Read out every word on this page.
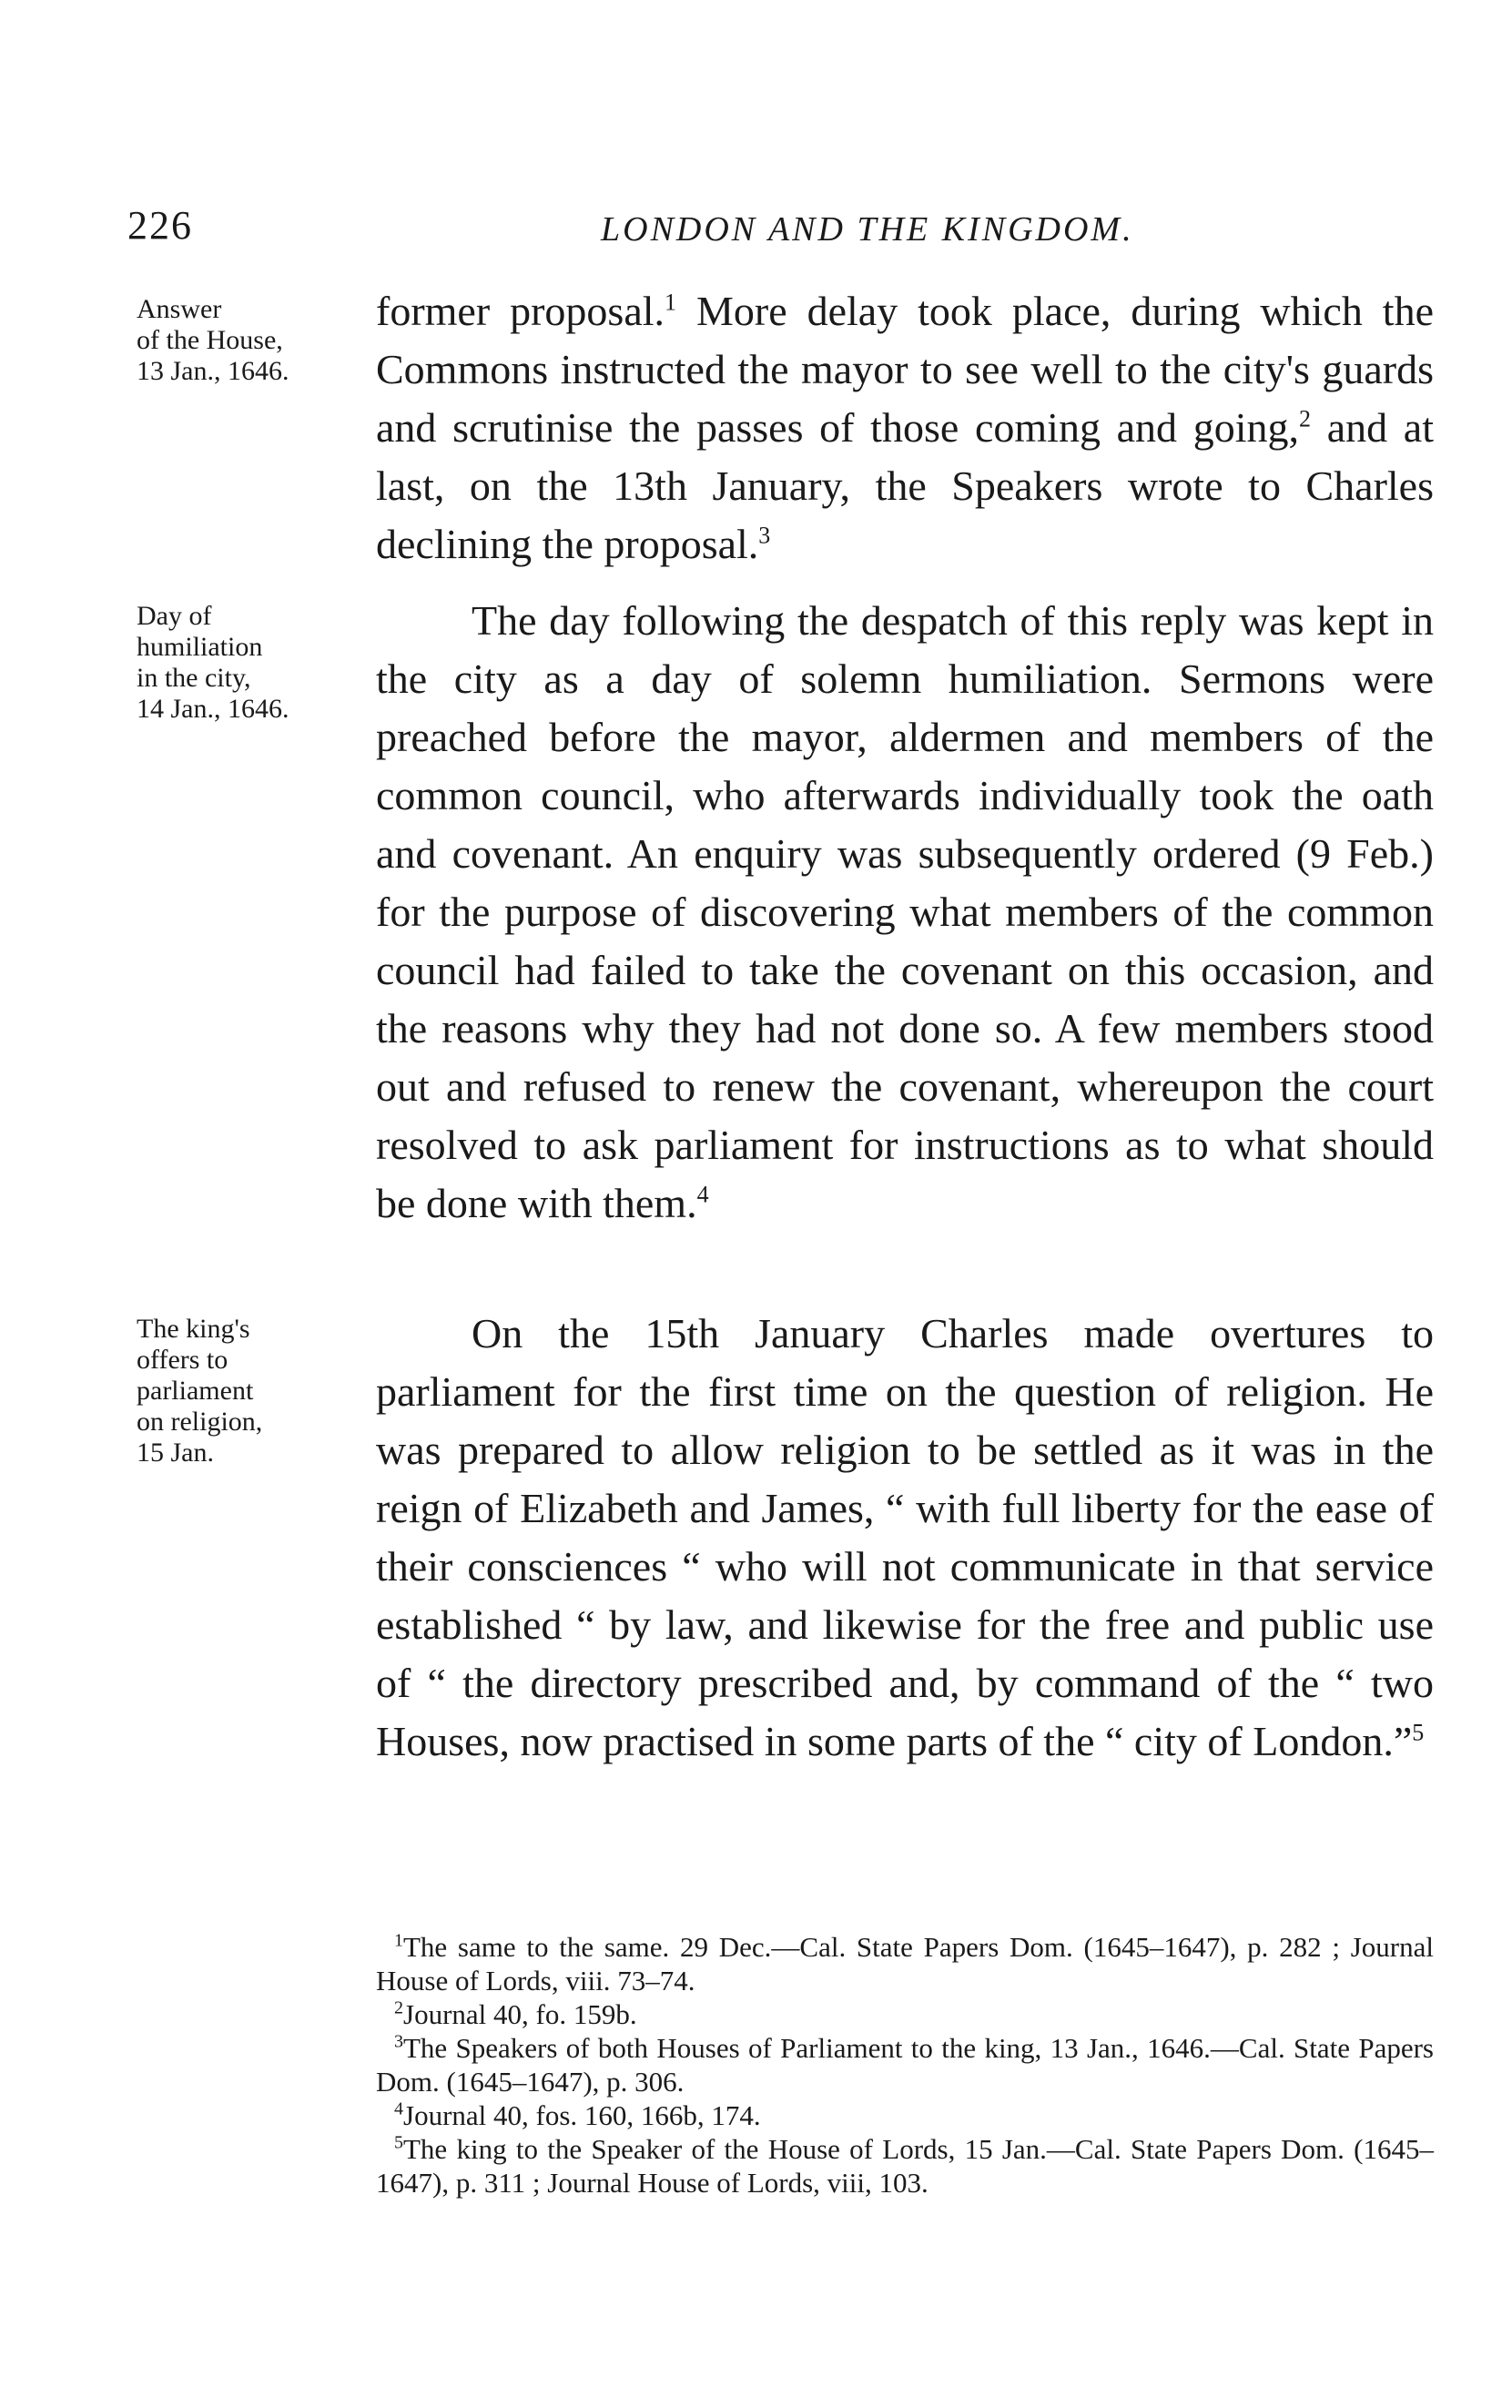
226	LONDON AND THE KINGDOM.
Answer
of the House,
13 Jan., 1646.
Day of
humiliation
in the city,
14 Jan., 1646.
The king's
offers to
parliament
on religion,
15 Jan.

former proposal.$^1$ More delay took place, during which the Commons instructed the mayor to see well to the city's guards and scrutinise the passes of those coming and going,$^2$ and at last, on the 13th January, the Speakers wrote to Charles declining the proposal.$^3$

The day following the despatch of this reply was kept in the city as a day of solemn humiliation. Sermons were preached before the mayor, aldermen and members of the common council, who afterwards individually took the oath and covenant. An enquiry was subsequently ordered (9 Feb.) for the purpose of discovering what members of the common council had failed to take the covenant on this occasion, and the reasons why they had not done so. A few members stood out and refused to renew the covenant, whereupon the court resolved to ask parliament for instructions as to what should be done with them.$^4$

On the 15th January Charles made overtures to parliament for the first time on the question of religion. He was prepared to allow religion to be settled as it was in the reign of Elizabeth and James, “ with full liberty for the ease of their consciences “ who will not communicate in that service established “ by law, and likewise for the free and public use of “ the directory prescribed and, by command of the “ two Houses, now practised in some parts of the “ city of London.”$^5$

$^1$The same to the same. 29 Dec.—Cal. State Papers Dom. (1645–1647), p. 282 ; Journal House of Lords, viii. 73–74.

$^2$Journal 40, fo. 159b.

$^3$The Speakers of both Houses of Parliament to the king, 13 Jan., 1646.—Cal. State Papers Dom. (1645–1647), p. 306.

$^4$Journal 40, fos. 160, 166b, 174.

$^5$The king to the Speaker of the House of Lords, 15 Jan.—Cal. State Papers Dom. (1645–1647), p. 311 ; Journal House of Lords, viii, 103.
